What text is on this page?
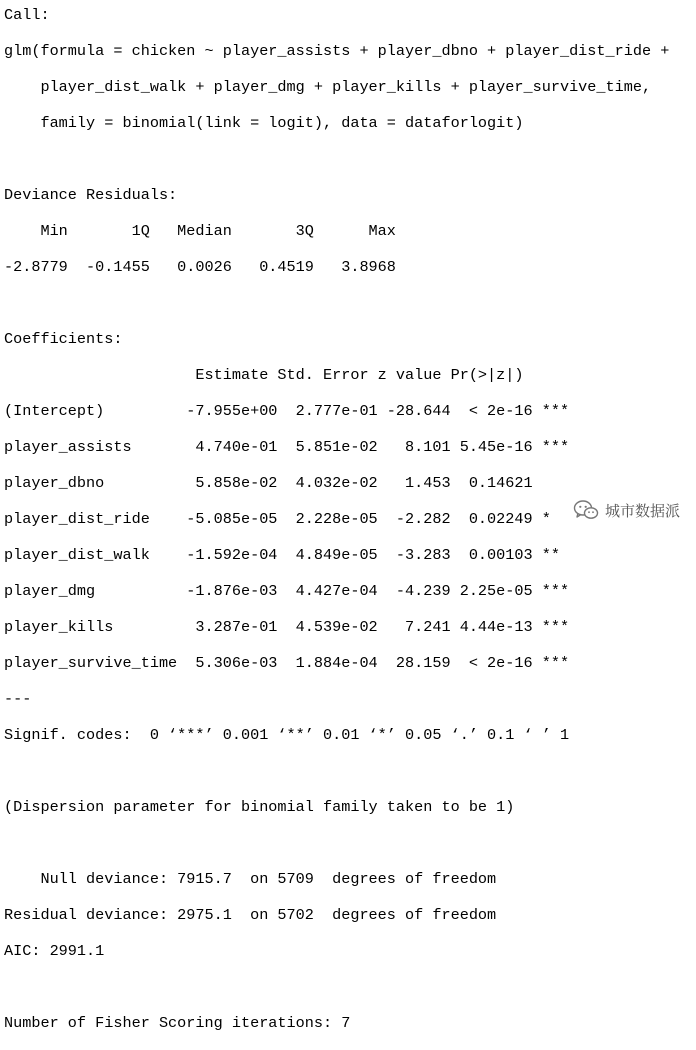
Call:

glm(formula = chicken ~ player_assists + player_dbno + player_dist_ride +

player_dist_walk + player_dmg + player_kills + player_survive_time,

family = binomial(link = logit), data = dataforlogit)

Deviance Residuals:

Min       1Q   Median       3Q      Max

-2.8779  -0.1455   0.0026   0.4519   3.8968

Coefficients:

Estimate Std. Error z value Pr(>|z|)

(Intercept)         -7.955e+00  2.777e-01 -28.644  < 2e-16 ***

player_assists       4.740e-01  5.851e-02   8.101 5.45e-16 ***

player_dbno          5.858e-02  4.032e-02   1.453  0.14621

player_dist_ride    -5.085e-05  2.228e-05  -2.282  0.02249 *

player_dist_walk    -1.592e-04  4.849e-05  -3.283  0.00103 **

player_dmg          -1.876e-03  4.427e-04  -4.239 2.25e-05 ***

player_kills         3.287e-01  4.539e-02   7.241 4.44e-13 ***

player_survive_time  5.306e-03  1.884e-04  28.159  < 2e-16 ***

---

Signif. codes:  0 ‘***’ 0.001 ‘**’ 0.01 ‘*’ 0.05 ‘.’ 0.1 ‘ ’ 1

(Dispersion parameter for binomial family taken to be 1)

Null deviance: 7915.7  on 5709  degrees of freedom

Residual deviance: 2975.1  on 5702  degrees of freedom

AIC: 2991.1

Number of Fisher Scoring iterations: 7

城市数据派
